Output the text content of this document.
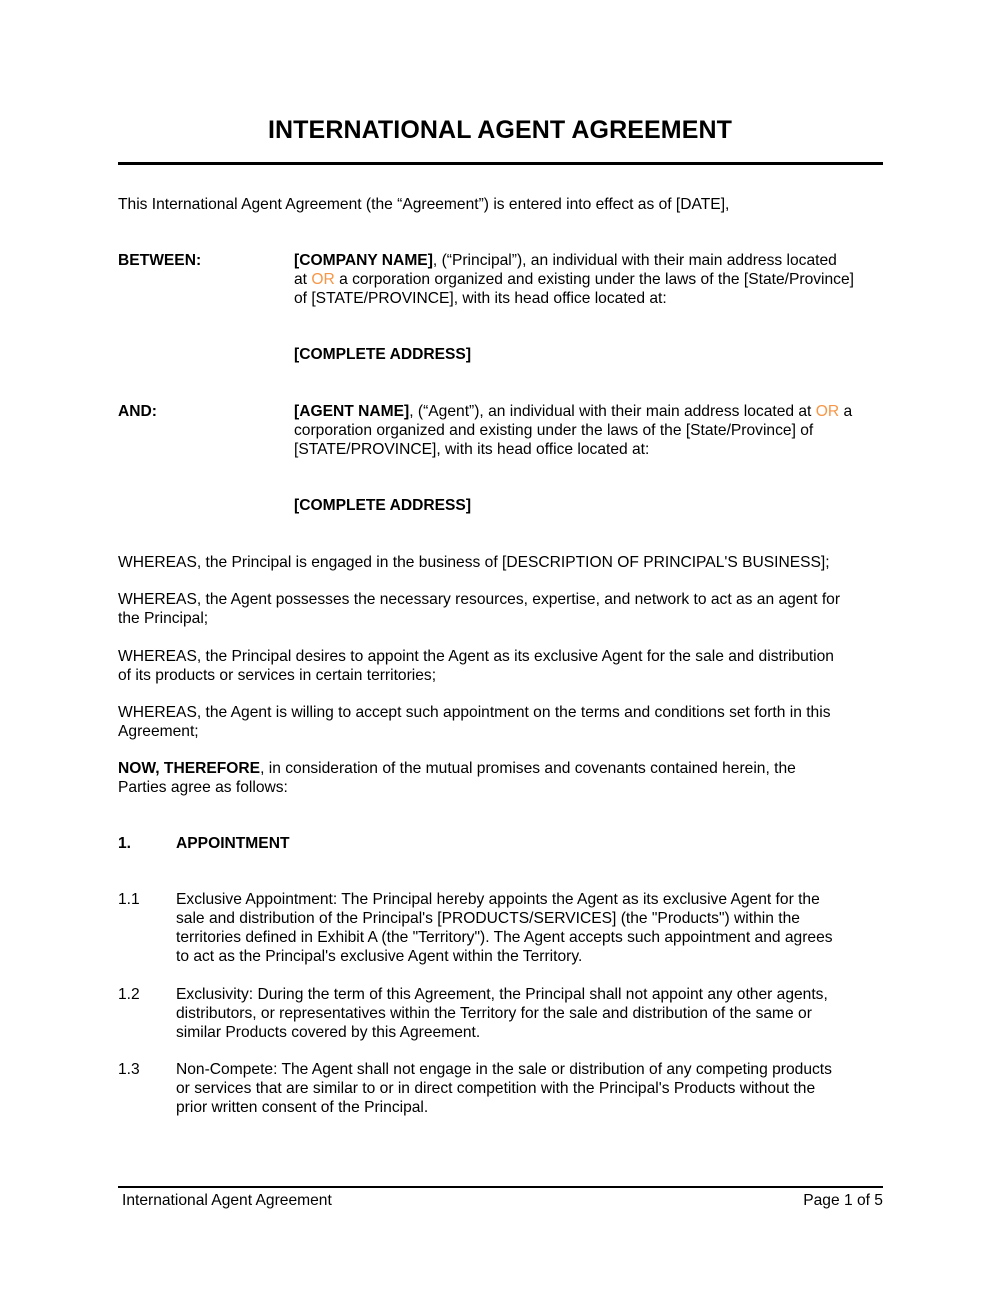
INTERNATIONAL AGENT AGREEMENT
This International Agent Agreement (the “Agreement”) is entered into effect as of [DATE],
BETWEEN:	[COMPANY NAME], (“Principal”), an individual with their main address located
at OR a corporation organized and existing under the laws of the [State/Province]
of [STATE/PROVINCE], with its head office located at:
[COMPLETE ADDRESS]
AND:	[AGENT NAME], (“Agent”), an individual with their main address located at OR a
corporation organized and existing under the laws of the [State/Province] of
[STATE/PROVINCE], with its head office located at:
[COMPLETE ADDRESS]
WHEREAS, the Principal is engaged in the business of [DESCRIPTION OF PRINCIPAL'S BUSINESS];
WHEREAS, the Agent possesses the necessary resources, expertise, and network to act as an agent for
the Principal;
WHEREAS, the Principal desires to appoint the Agent as its exclusive Agent for the sale and distribution
of its products or services in certain territories;
WHEREAS, the Agent is willing to accept such appointment on the terms and conditions set forth in this
Agreement;
NOW, THEREFORE, in consideration of the mutual promises and covenants contained herein, the
Parties agree as follows:
1.	APPOINTMENT
1.1 Exclusive Appointment: The Principal hereby appoints the Agent as its exclusive Agent for the
sale and distribution of the Principal's [PRODUCTS/SERVICES] (the "Products") within the
territories defined in Exhibit A (the "Territory"). The Agent accepts such appointment and agrees
to act as the Principal's exclusive Agent within the Territory.
1.2 Exclusivity: During the term of this Agreement, the Principal shall not appoint any other agents,
distributors, or representatives within the Territory for the sale and distribution of the same or
similar Products covered by this Agreement.
1.3 Non-Compete: The Agent shall not engage in the sale or distribution of any competing products
or services that are similar to or in direct competition with the Principal's Products without the
prior written consent of the Principal.
International Agent Agreement	Page 1 of 5
